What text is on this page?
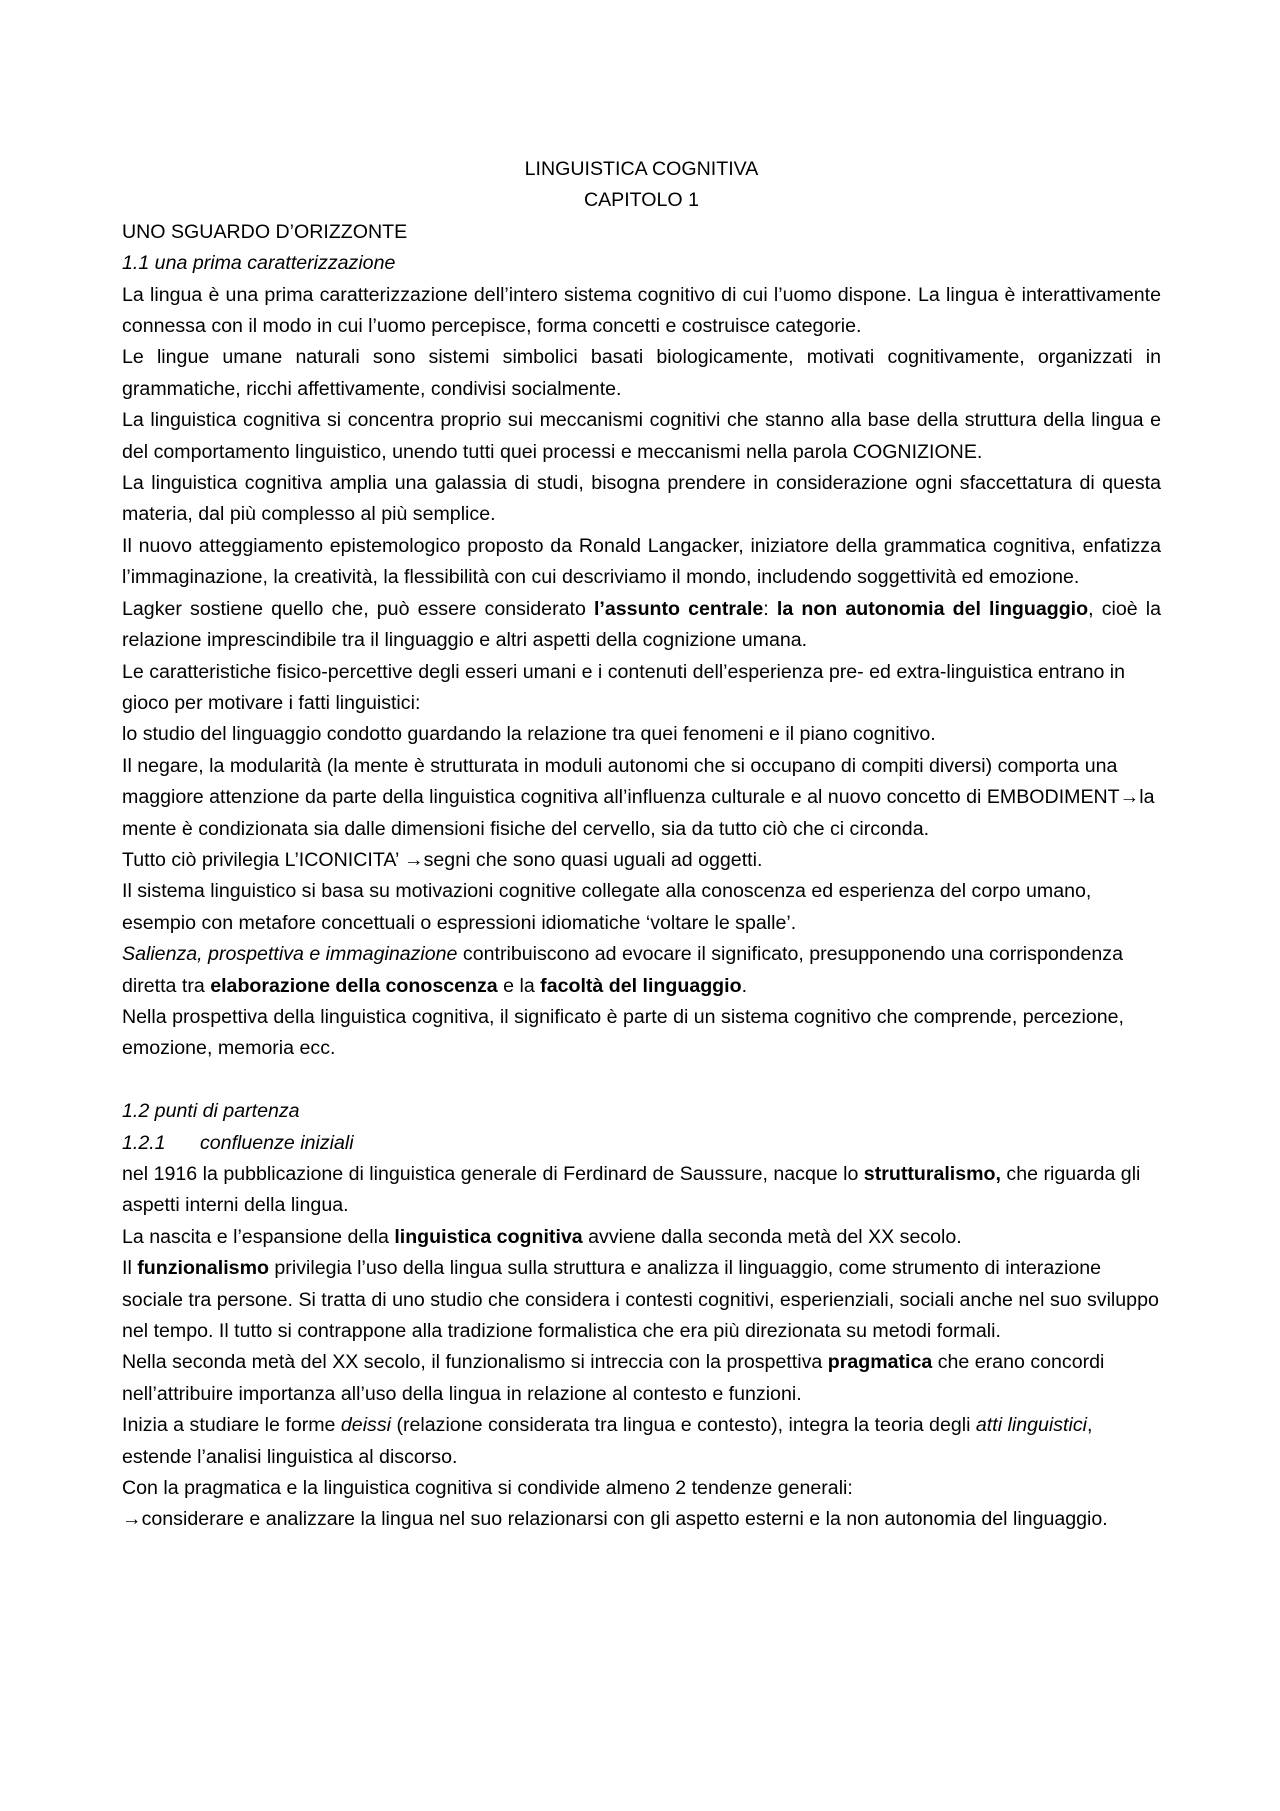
LINGUISTICA COGNITIVA

CAPITOLO 1

UNO SGUARDO D’ORIZZONTE

1.1 una prima caratterizzazione

La lingua è una prima caratterizzazione dell’intero sistema cognitivo di cui l’uomo dispone. La lingua è interattivamente connessa con il modo in cui l’uomo percepisce, forma concetti e costruisce categorie.

Le lingue umane naturali sono sistemi simbolici basati biologicamente, motivati cognitivamente, organizzati in grammatiche, ricchi affettivamente, condivisi socialmente.

La linguistica cognitiva si concentra proprio sui meccanismi cognitivi che stanno alla base della struttura della lingua e del comportamento linguistico, unendo tutti quei processi e meccanismi nella parola COGNIZIONE.

La linguistica cognitiva amplia una galassia di studi, bisogna prendere in considerazione ogni sfaccettatura di questa materia, dal più complesso al più semplice.

Il nuovo atteggiamento epistemologico proposto da Ronald Langacker, iniziatore della grammatica cognitiva, enfatizza l’immaginazione, la creatività, la flessibilità con cui descriviamo il mondo, includendo soggettività ed emozione.

Lagker sostiene quello che, può essere considerato l’assunto centrale: la non autonomia del linguaggio, cioè la relazione imprescindibile tra il linguaggio e altri aspetti della cognizione umana.

Le caratteristiche fisico-percettive degli esseri umani e i contenuti dell’esperienza pre- ed extra-linguistica entrano in gioco per motivare i fatti linguistici:

lo studio del linguaggio condotto guardando la relazione tra quei fenomeni e il piano cognitivo.

Il negare, la modularità (la mente è strutturata in moduli autonomi che si occupano di compiti diversi) comporta una maggiore attenzione da parte della linguistica cognitiva all’influenza culturale e al nuovo concetto di EMBODIMENT→la mente è condizionata sia dalle dimensioni fisiche del cervello, sia da tutto ciò che ci circonda.

Tutto ciò privilegia L’ICONICITA’ →segni che sono quasi uguali ad oggetti.

Il sistema linguistico si basa su motivazioni cognitive collegate alla conoscenza ed esperienza del corpo umano, esempio con metafore concettuali o espressioni idiomatiche ‘voltare le spalle’.

Salienza, prospettiva e immaginazione contribuiscono ad evocare il significato, presupponendo una corrispondenza diretta tra elaborazione della conoscenza e la facoltà del linguaggio.

Nella prospettiva della linguistica cognitiva, il significato è parte di un sistema cognitivo che comprende, percezione, emozione, memoria ecc.

1.2 punti di partenza

1.2.1 confluenze iniziali

nel 1916 la pubblicazione di linguistica generale di Ferdinard de Saussure, nacque lo strutturalismo, che riguarda gli aspetti interni della lingua.

La nascita e l’espansione della linguistica cognitiva avviene dalla seconda metà del XX secolo.

Il funzionalismo privilegia l’uso della lingua sulla struttura e analizza il linguaggio, come strumento di interazione sociale tra persone. Si tratta di uno studio che considera i contesti cognitivi, esperienziali, sociali anche nel suo sviluppo nel tempo. Il tutto si contrappone alla tradizione formalistica che era più direzionata su metodi formali.

Nella seconda metà del XX secolo, il funzionalismo si intreccia con la prospettiva pragmatica che erano concordi nell’attribuire importanza all’uso della lingua in relazione al contesto e funzioni.

Inizia a studiare le forme deissi (relazione considerata tra lingua e contesto), integra la teoria degli atti linguistici, estende l’analisi linguistica al discorso.

Con la pragmatica e la linguistica cognitiva si condivide almeno 2 tendenze generali:

→considerare e analizzare la lingua nel suo relazionarsi con gli aspetto esterni e la non autonomia del linguaggio.
